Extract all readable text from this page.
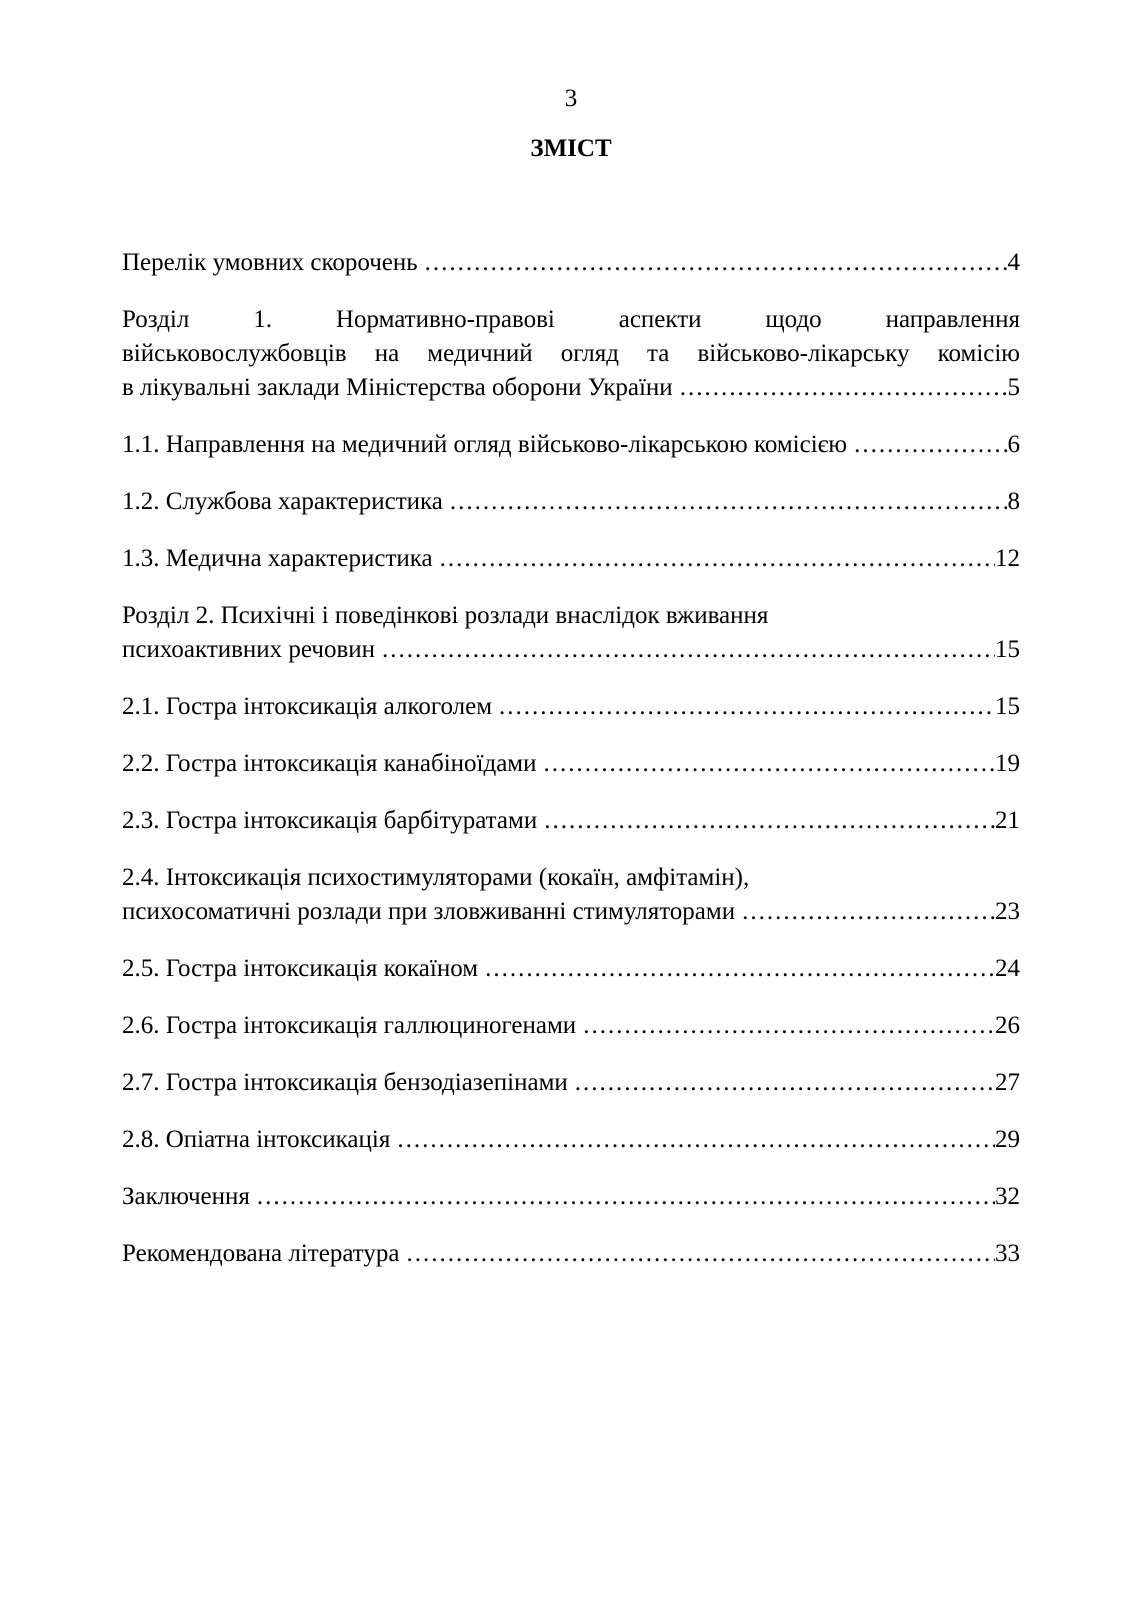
3
ЗМІСТ
Перелік умовних скорочень .....	4
Розділ 1. Нормативно-правові аспекти щодо направлення
військовослужбовців на медичний огляд та військово-лікарську комісію
в лікувальні заклади Міністерства оборони України .....	5
1.1. Направлення на медичний огляд військово-лікарською комісією .....	6
1.2. Службова характеристика .....	8
1.3. Медична характеристика .....	12
Розділ 2. Психічні і поведінкові розлади внаслідок вживання
психоактивних речовин .....	15
2.1. Гостра інтоксикація алкоголем .....	15
2.2. Гостра інтоксикація канабіноїдами .....	19
2.3. Гостра інтоксикація барбітуратами .....	21
2.4. Інтоксикація психостимуляторами (кокаїн, амфітамін),
психосоматичні розлади при зловживанні стимуляторами .....	23
2.5. Гостра інтоксикація кокаїном .....	24
2.6. Гостра інтоксикація галлюциногенами .....	26
2.7. Гостра інтоксикація бензодіазепінами .....	27
2.8. Опіатна інтоксикація .....	29
Заключення .....	32
Рекомендована література .....	33
